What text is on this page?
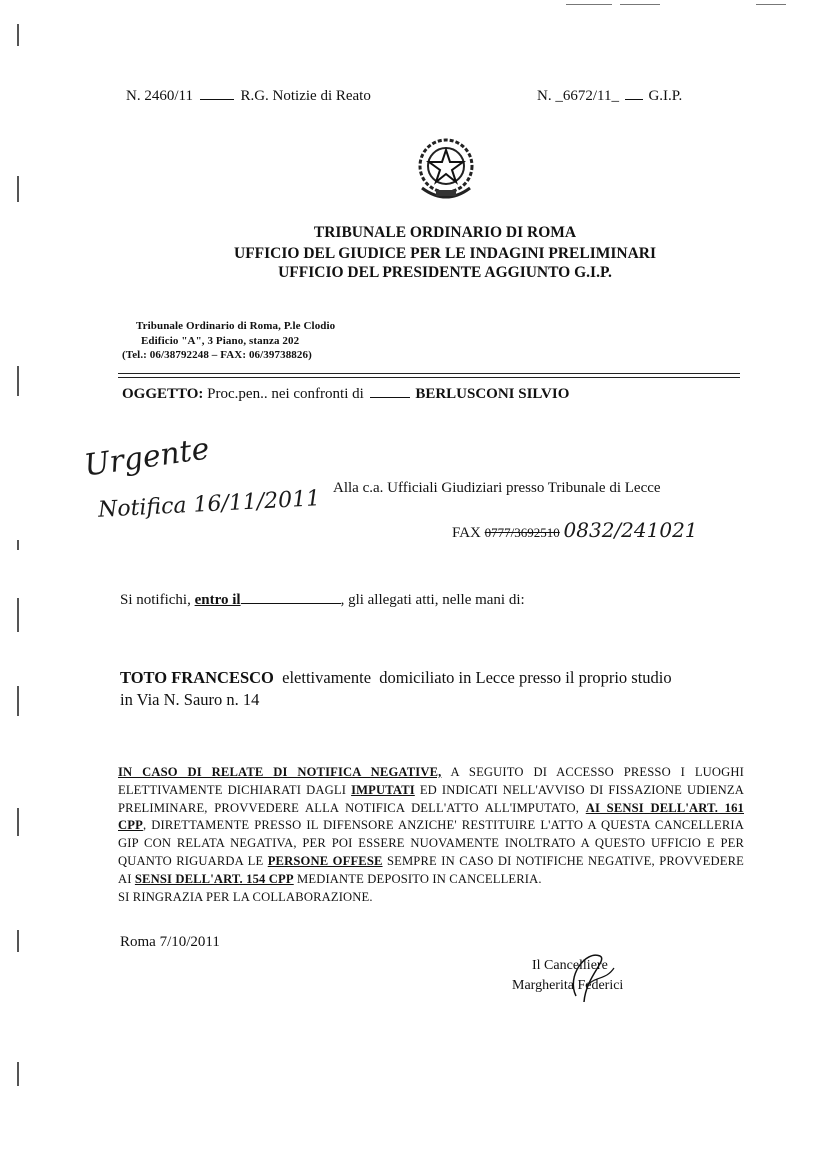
N. 2460/11	R.G. Notizie di Reato	N. _6672/11_ G.I.P.
TRIBUNALE ORDINARIO DI ROMA
UFFICIO DEL GIUDICE PER LE INDAGINI PRELIMINARI
UFFICIO DEL PRESIDENTE AGGIUNTO G.I.P.
Tribunale Ordinario di Roma, P.le Clodio
Edificio "A", 3 Piano, stanza 202
(Tel.: 06/38792248 – FAX: 06/39738826)
OGGETTO: Proc.pen.. nei confronti di	BERLUSCONI SILVIO
Urgente
Notifica 16/11/2011 Alla c.a. Ufficiali Giudiziari presso Tribunale di Lecce
FAX 0777/3692510 0832/241021
Si notifichi, entro il	, gli allegati atti, nelle mani di:
TOTO FRANCESCO  elettivamente  domiciliato in Lecce presso il proprio studio
in Via N. Sauro n. 14
IN CASO DI RELATE DI NOTIFICA NEGATIVE, A SEGUITO DI ACCESSO PRESSO I LUOGHI ELETTIVAMENTE DICHIARATI DAGLI IMPUTATI ED INDICATI NELL'AVVISO DI FISSAZIONE UDIENZA PRELIMINARE, PROVVEDERE ALLA NOTIFICA DELL'ATTO ALL'IMPUTATO, AI SENSI DELL'ART. 161 CPP, DIRETTAMENTE PRESSO IL DIFENSORE ANZICHE' RESTITUIRE L'ATTO A QUESTA CANCELLERIA GIP CON RELATA NEGATIVA, PER POI ESSERE NUOVAMENTE INOLTRATO A QUESTO UFFICIO E PER QUANTO RIGUARDA LE PERSONE OFFESE SEMPRE IN CASO DI NOTIFICHE NEGATIVE, PROVVEDERE AI SENSI DELL'ART. 154 CPP MEDIANTE DEPOSITO IN CANCELLERIA.
SI RINGRAZIA PER LA COLLABORAZIONE.
Roma 7/10/2011
Il Cancelliere
Margherita Federici
